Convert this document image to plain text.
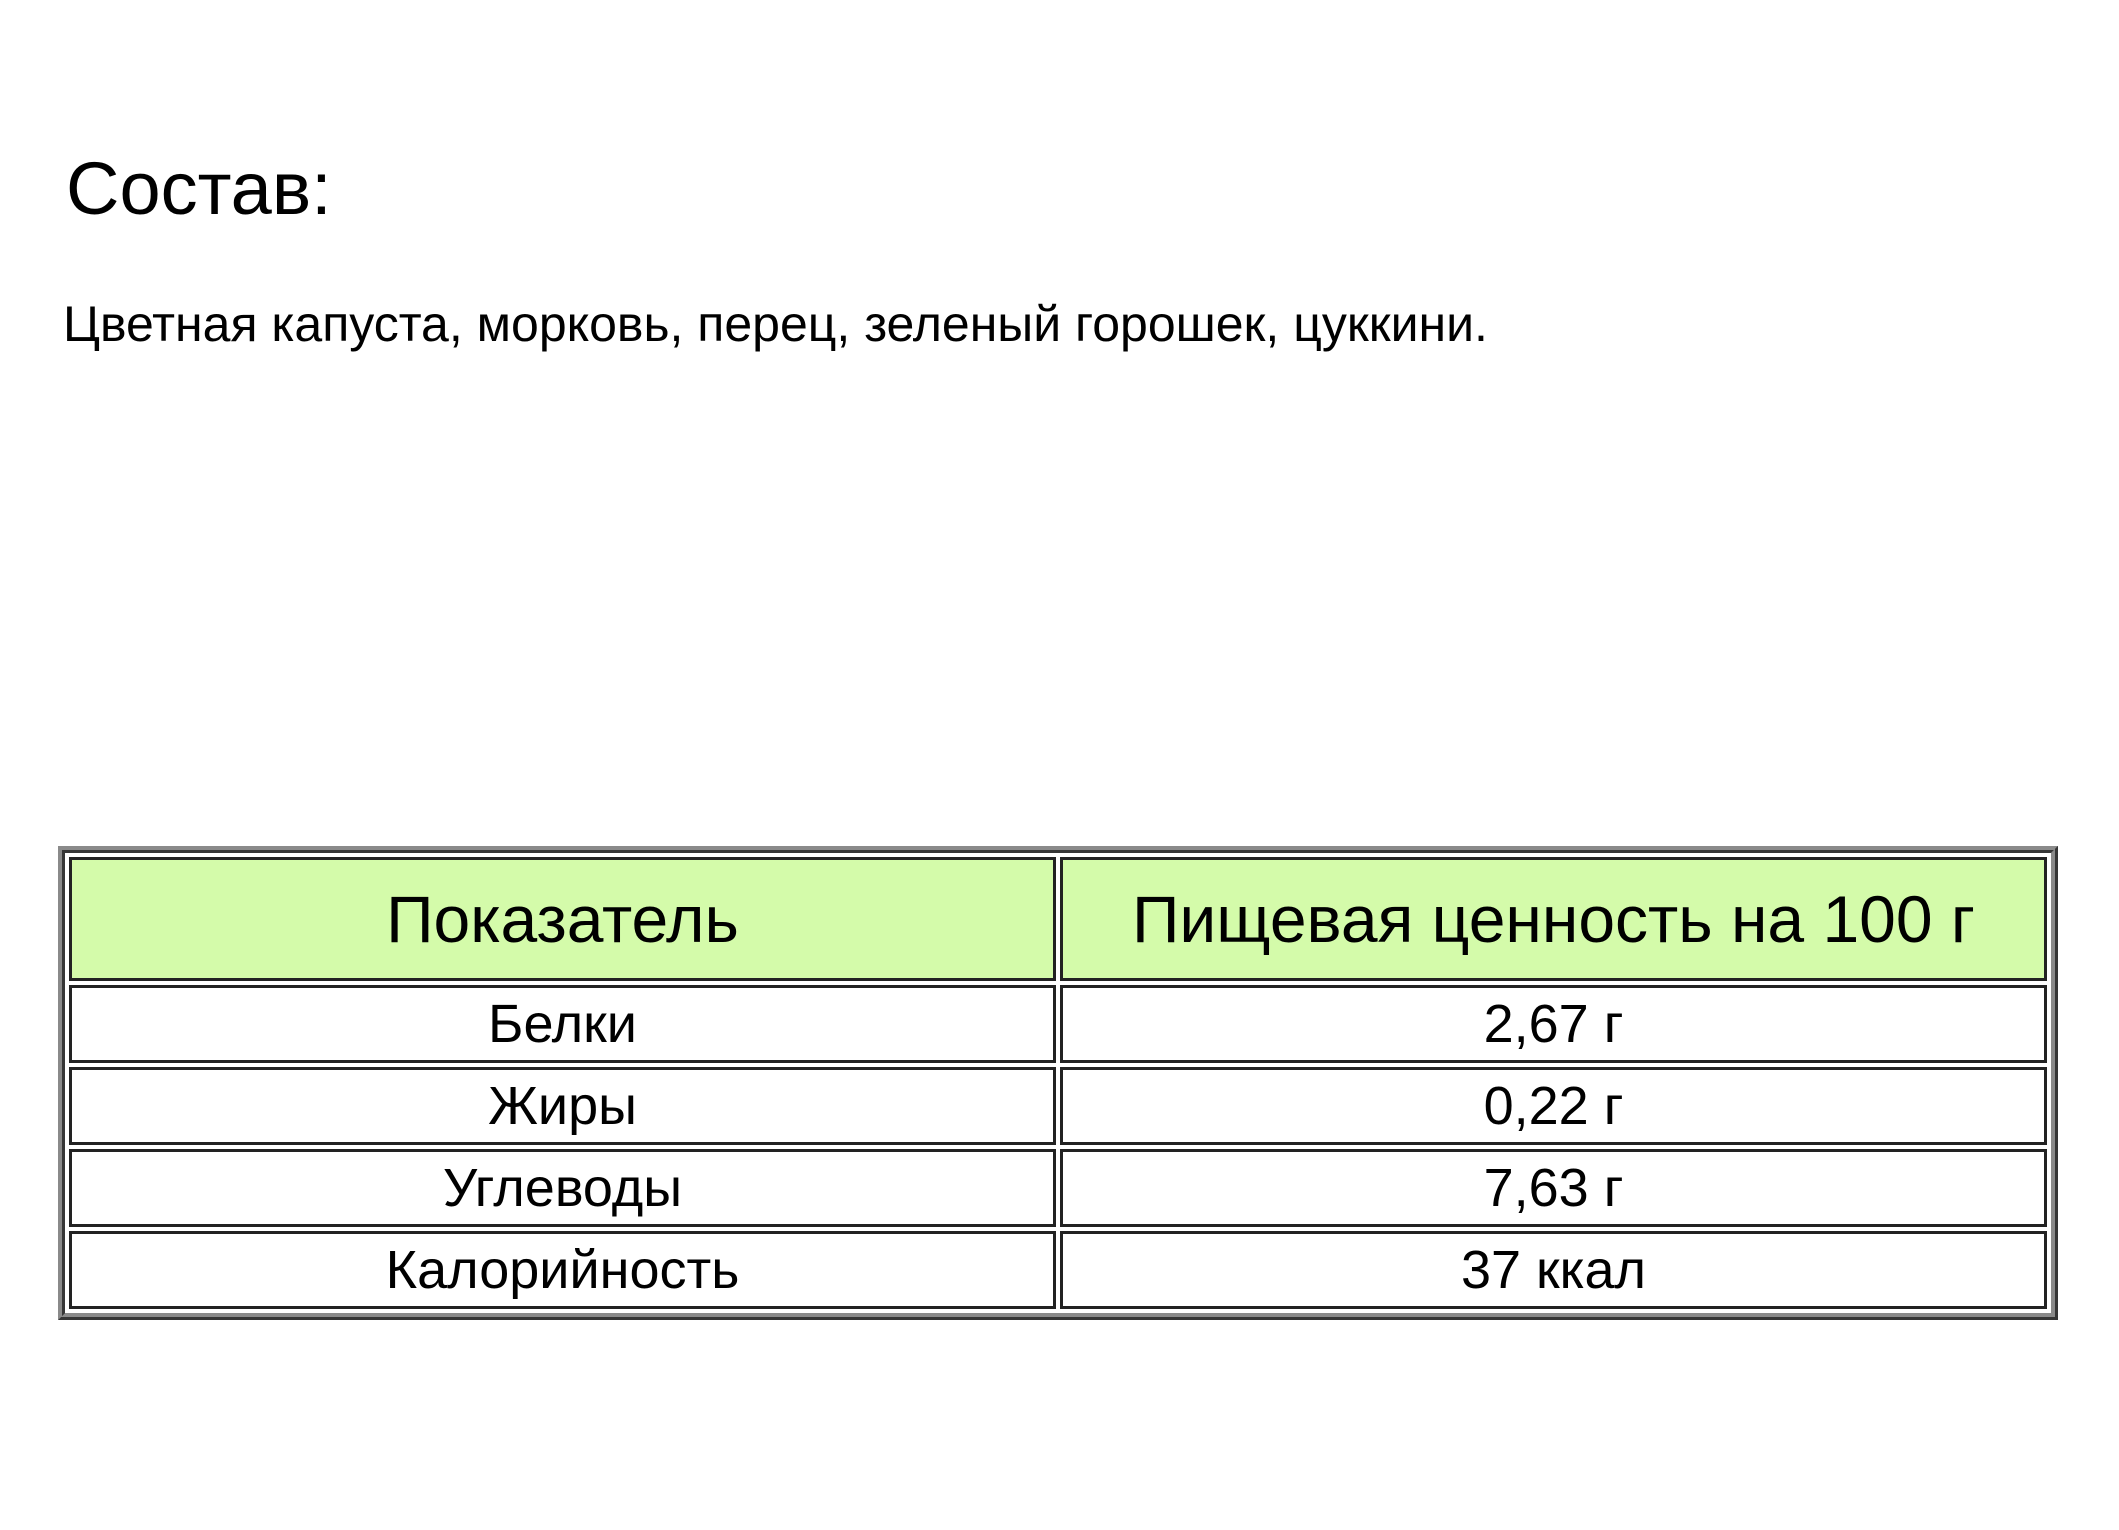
Состав:

Цветная капуста, морковь, перец, зеленый горошек, цуккини.

Показатель	Пищевая ценность на 100 г
Белки	2,67 г
Жиры	0,22 г
Углеводы	7,63 г
Калорийность	37 ккал
